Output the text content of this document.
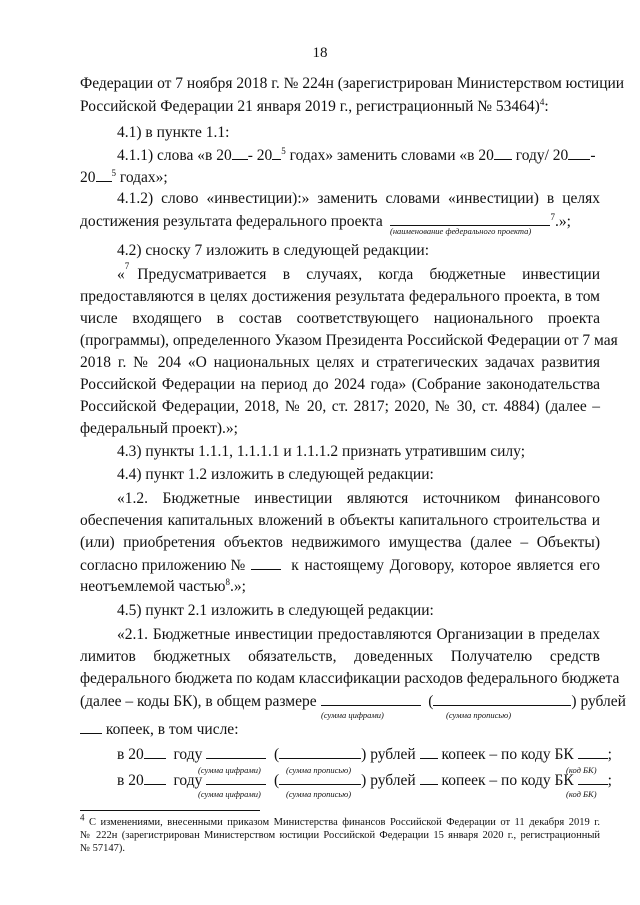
18
Федерации от 7 ноября 2018 г. № 224н (зарегистрирован Министерством юстиции
Российской Федерации 21 января 2019 г., регистрационный № 53464)$^4$:
4.1) в пункте 1.1:
4.1.1) слова «в 20 - 20 $^5$ годах» заменить словами «в 20 году/ 20 -
20 $^5$ годах»;
4.1.2) слово «инвестиции):» заменить словами «инвестиции) в целях
достижения результата федерального проекта	$^7$.»;
(наименование федерального проекта)
4.2) сноску 7 изложить в следующей редакции:
« 7 Предусматривается в случаях, когда бюджетные инвестиции
предоставляются в целях достижения результата федерального проекта, в том
числе входящего в состав соответствующего национального проекта
(программы), определенного Указом Президента Российской Федерации от 7 мая
2018 г. № 204 «О национальных целях и стратегических задачах развития
Российской Федерации на период до 2024 года» (Собрание законодательства
Российской Федерации, 2018, № 20, ст. 2817; 2020, № 30, ст. 4884) (далее –
федеральный проект).»;
4.3) пункты 1.1.1, 1.1.1.1 и 1.1.1.2 признать утратившим силу;
4.4) пункт 1.2 изложить в следующей редакции:
«1.2. Бюджетные инвестиции являются источником финансового
обеспечения капитальных вложений в объекты капитального строительства и
(или) приобретения объектов недвижимого имущества (далее – Объекты)
согласно приложению №	к настоящему Договору, которое является его
неотъемлемой частью$^8$.»;
4.5) пункт 2.1 изложить в следующей редакции:
«2.1. Бюджетные инвестиции предоставляются Организации в пределах
лимитов бюджетных обязательств, доведенных Получателю средств
федерального бюджета по кодам классификации расходов федерального бюджета
(далее – коды БК), в общем размере	(	) рублей
(сумма цифрами)	(сумма прописью)
копеек, в том числе:
в 20 году	(	) рублей копеек – по коду БК ;
(сумма цифрами)	(сумма прописью)	(код БК)
в 20 году	(	) рублей копеек – по коду БК ;
(сумма цифрами)	(сумма прописью)	(код БК)
$^4$ С изменениями, внесенными приказом Министерства финансов Российской Федерации от 11 декабря 2019 г.
№ 222н (зарегистрирован Министерством юстиции Российской Федерации 15 января 2020 г., регистрационный
№ 57147).
